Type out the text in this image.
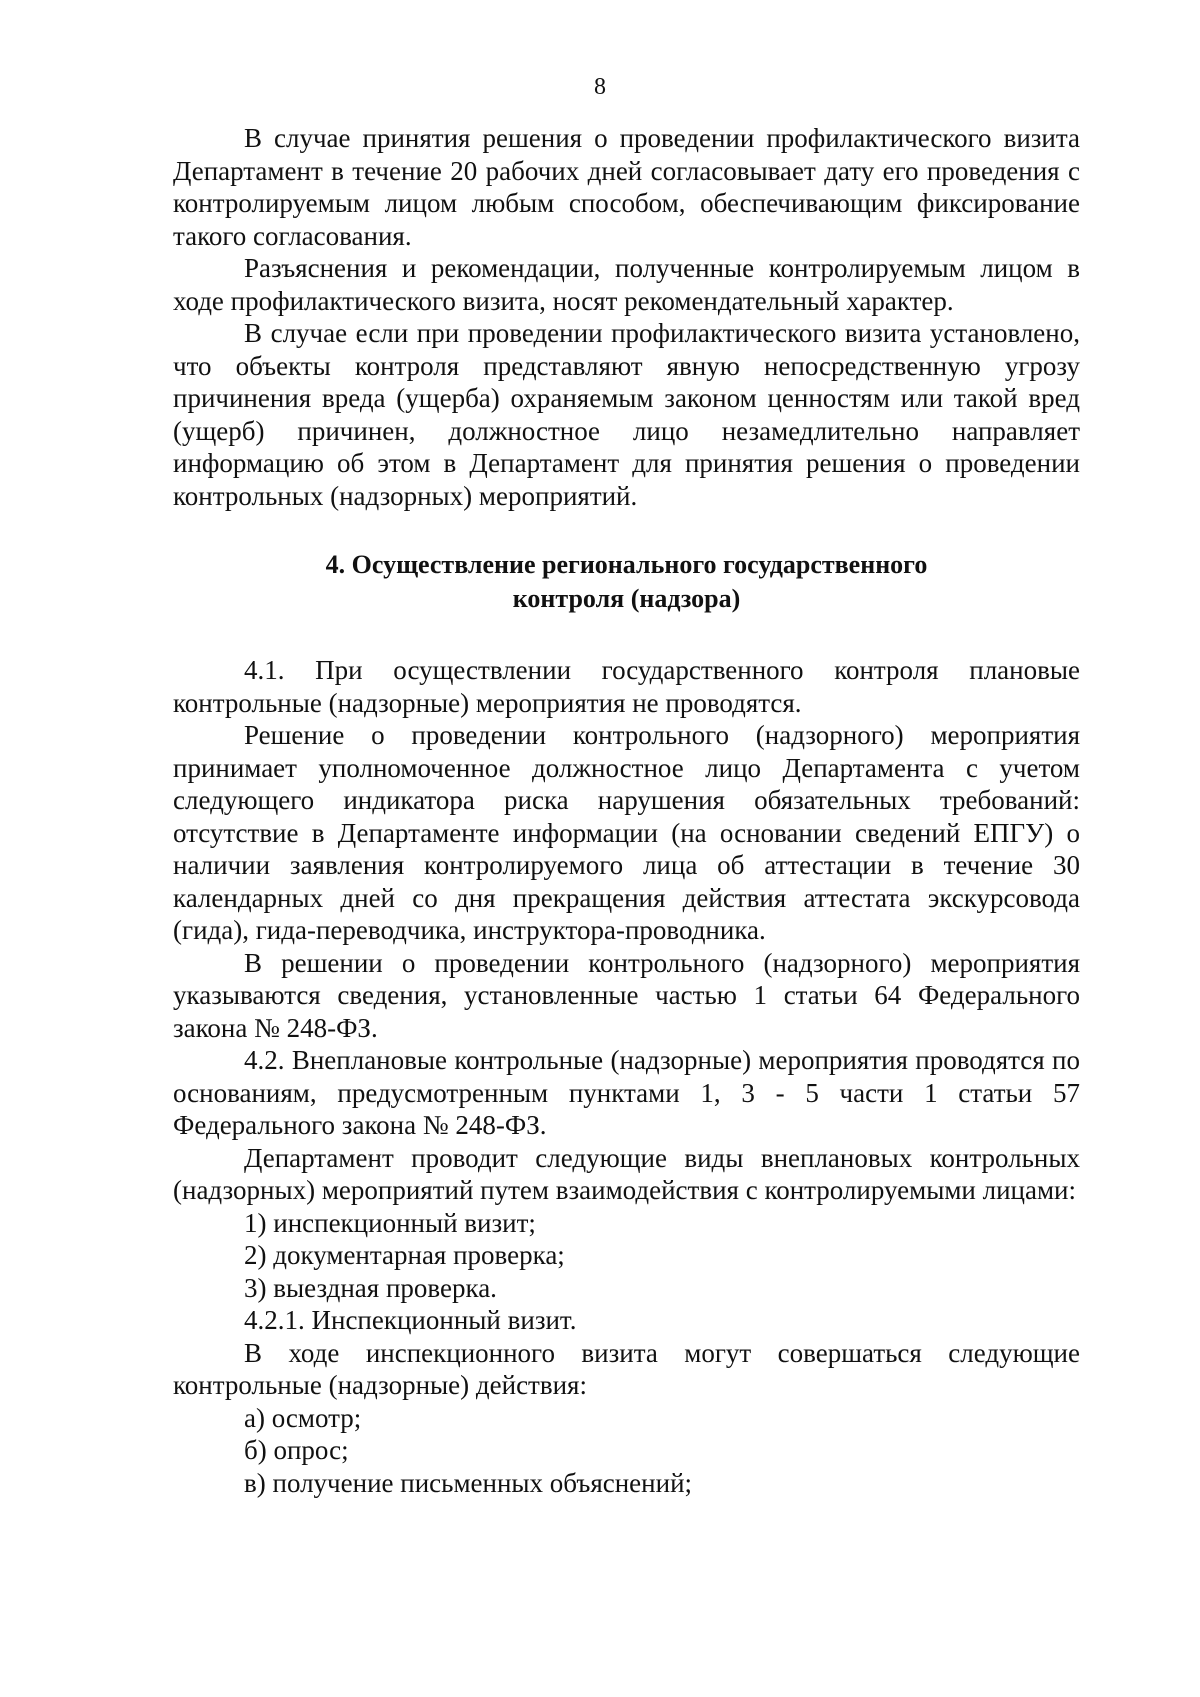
8

В случае принятия решения о проведении профилактического визита Департамент в течение 20 рабочих дней согласовывает дату его проведения с контролируемым лицом любым способом, обеспечивающим фиксирование такого согласования.

Разъяснения и рекомендации, полученные контролируемым лицом в ходе профилактического визита, носят рекомендательный характер.

В случае если при проведении профилактического визита установлено, что объекты контроля представляют явную непосредственную угрозу причинения вреда (ущерба) охраняемым законом ценностям или такой вред (ущерб) причинен, должностное лицо незамедлительно направляет информацию об этом в Департамент для принятия решения о проведении контрольных (надзорных) мероприятий.

4. Осуществление регионального государственного
контроля (надзора)

4.1. При осуществлении государственного контроля плановые контрольные (надзорные) мероприятия не проводятся.

Решение о проведении контрольного (надзорного) мероприятия принимает уполномоченное должностное лицо Департамента с учетом следующего индикатора риска нарушения обязательных требований: отсутствие в Департаменте информации (на основании сведений ЕПГУ) о наличии заявления контролируемого лица об аттестации в течение 30 календарных дней со дня прекращения действия аттестата экскурсовода (гида), гида-переводчика, инструктора-проводника.

В решении о проведении контрольного (надзорного) мероприятия указываются сведения, установленные частью 1 статьи 64 Федерального закона № 248-ФЗ.

4.2. Внеплановые контрольные (надзорные) мероприятия проводятся по основаниям, предусмотренным пунктами 1, 3 - 5 части 1 статьи 57 Федерального закона № 248-ФЗ.

Департамент проводит следующие виды внеплановых контрольных (надзорных) мероприятий путем взаимодействия с контролируемыми лицами:

1) инспекционный визит;

2) документарная проверка;

3) выездная проверка.

4.2.1. Инспекционный визит.

В ходе инспекционного визита могут совершаться следующие контрольные (надзорные) действия:

а) осмотр;

б) опрос;

в) получение письменных объяснений;
